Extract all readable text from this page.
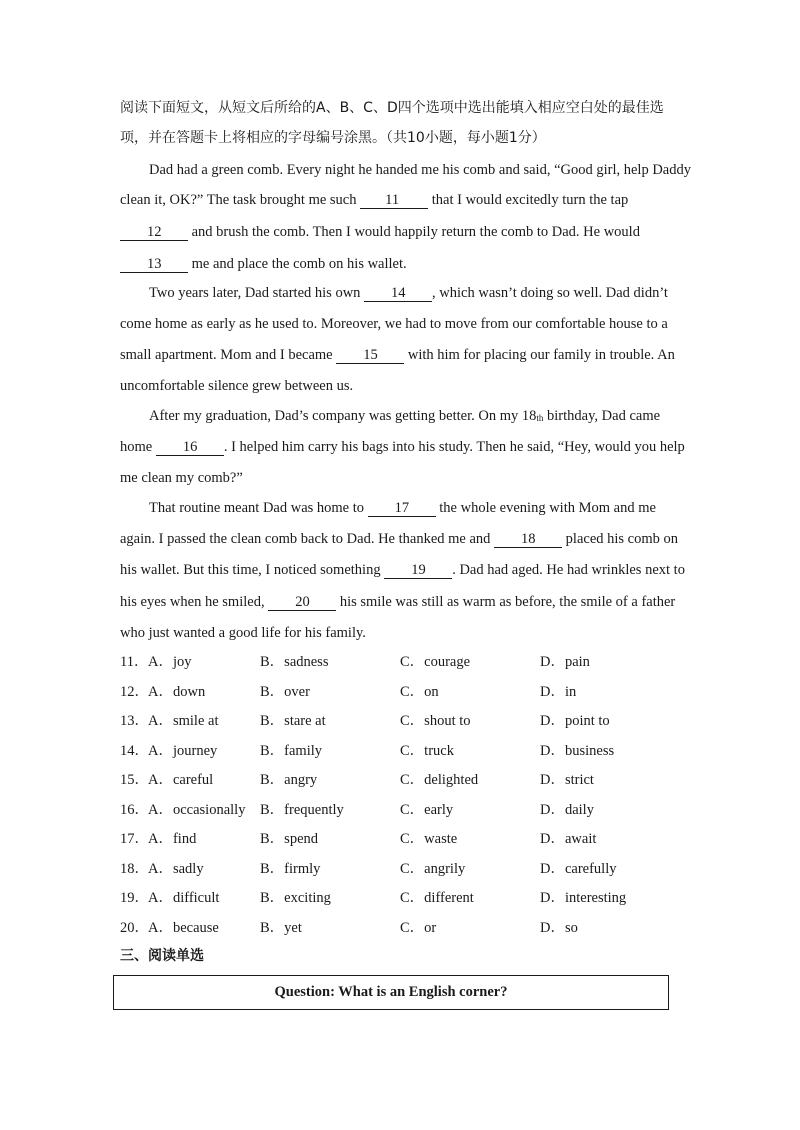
阅读下面短文，从短文后所给的A、B、C、D四个选项中选出能填入相应空白处的最佳选
项，并在答题卡上将相应的字母编号涂黑。（共10小题，每小题1分）
Dad had a green comb. Every night he handed me his comb and said, “Good girl, help Daddy
clean it, OK?” The task brought me such 11 that I would excitedly turn the tap
12 and brush the comb. Then I would happily return the comb to Dad. He would
13 me and place the comb on his wallet.
Two years later, Dad started his own 14 , which wasn’t doing so well. Dad didn’t
come home as early as he used to. Moreover, we had to move from our comfortable house to a
small apartment. Mom and I became 15 with him for placing our family in trouble. An
uncomfortable silence grew between us.
After my graduation, Dad’s company was getting better. On my $18_{th}$ birthday, Dad came
home 16 . I helped him carry his bags into his study. Then he said, “Hey, would you help
me clean my comb?”
That routine meant Dad was home to 17 the whole evening with Mom and me
again. I passed the clean comb back to Dad. He thanked me and 18 placed his comb on
his wallet. But this time, I noticed something 19 . Dad had aged. He had wrinkles next to
his eyes when he smiled, 20 his smile was still as warm as before, the smile of a father
who just wanted a good life for his family.
11． A．joy	B．sadness	C．courage	D．pain
12． A．down	B．over	C．on	D．in
13． A．smile at	B．stare at	C．shout to	D．point to
14． A．journey	B．family	C．truck	D．business
15． A．careful	B．angry	C．delighted	D．strict
16． A．occasionally B．frequently	C．early	D．daily
17． A．find	B．spend	C．waste	D．await
18． A．sadly	B．firmly	C．angrily	D．carefully
19． A．difficult	B．exciting	C．different	D．interesting
20． A．because	B．yet	C．or	D．so
三、阅读单选
Question: What is an English corner?
